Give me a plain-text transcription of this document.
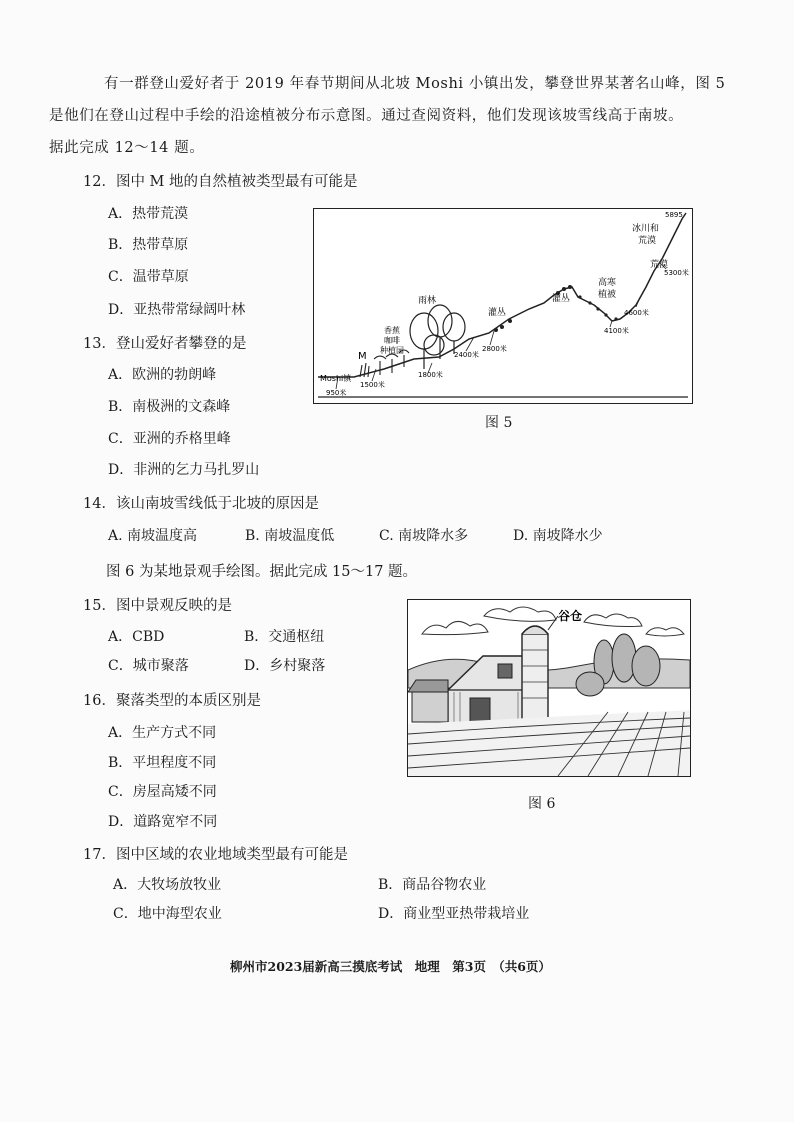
有一群登山爱好者于 2019 年春节期间从北坡 Moshi 小镇出发，攀登世界某著名山峰，图 5
是他们在登山过程中手绘的沿途植被分布示意图。通过查阅资料，他们发现该坡雪线高于南坡。
据此完成 12～14 题。
12．图中 M 地的自然植被类型最有可能是
A．热带荒漠
B．热带草原
C．温带草原
D．亚热带常绿阔叶林
13．登山爱好者攀登的是
A．欧洲的勃朗峰
B．南极洲的文森峰
C．亚洲的乔格里峰
D．非洲的乞力马扎罗山
Moshi镇
950米
M
香蕉
咖啡
种植园
1500米
雨林
1800米
2400米
2800米
灌丛
灌丛
高寒
植被
4100米
4600米
荒漠
5300米
冰川和
荒漠
5895
图 5
14．该山南坡雪线低于北坡的原因是
A. 南坡温度高	B. 南坡温度低	C. 南坡降水多	D. 南坡降水少
图 6 为某地景观手绘图。据此完成 15～17 题。
15．图中景观反映的是
A．CBD	B．交通枢纽
C．城市聚落	D．乡村聚落
16．聚落类型的本质区别是
A．生产方式不同
B．平坦程度不同
C．房屋高矮不同
D．道路宽窄不同
谷仓
图 6
17．图中区域的农业地域类型最有可能是
A．大牧场放牧业	B．商品谷物农业
C．地中海型农业	D．商业型亚热带栽培业
柳州市2023届新高三摸底考试　地理　第3页　（共6页）
